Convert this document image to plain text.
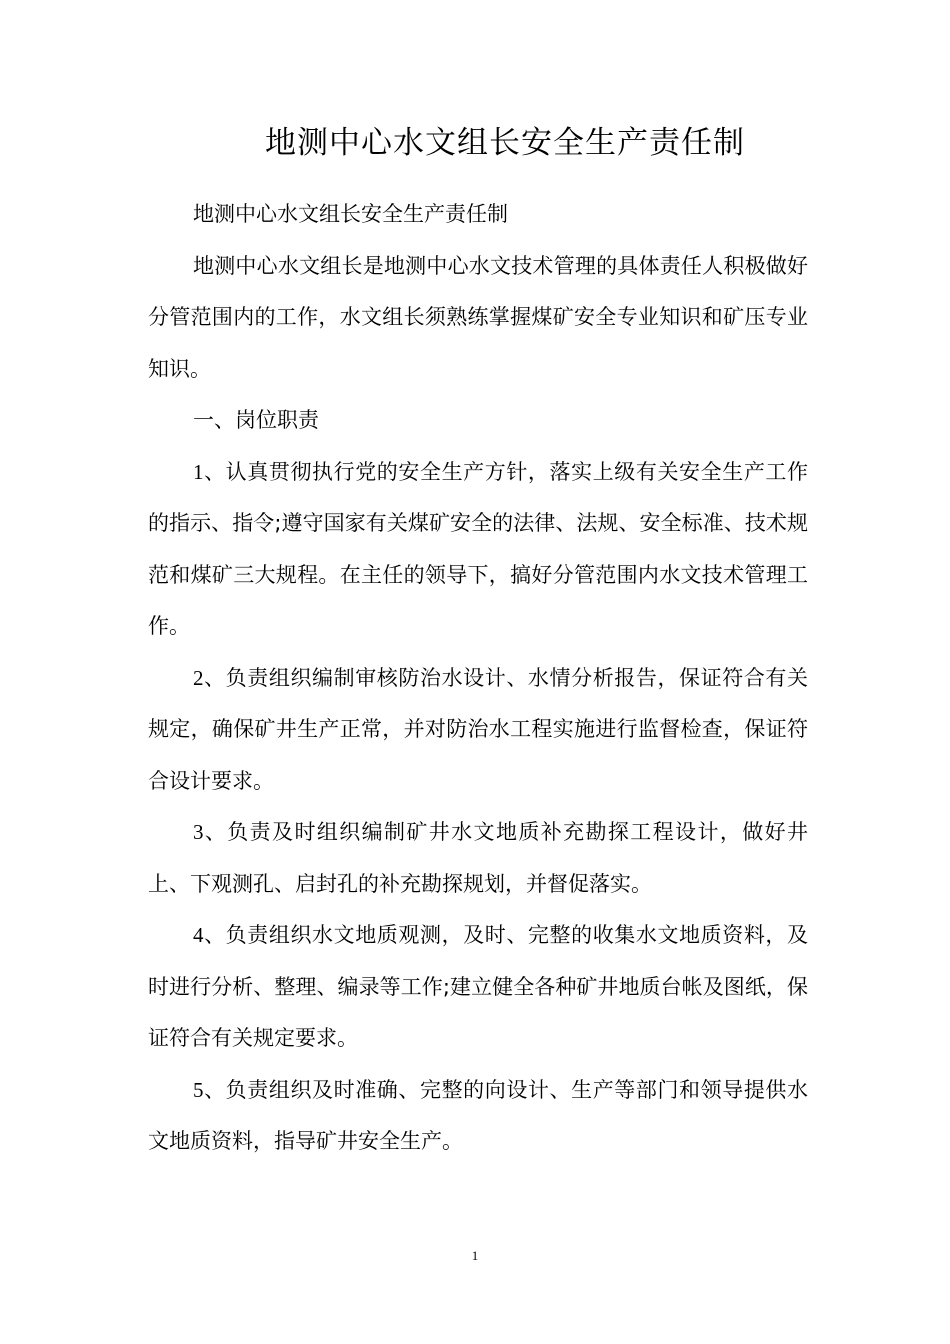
地测中心水文组长安全生产责任制

地测中心水文组长安全生产责任制

地测中心水文组长是地测中心水文技术管理的具体责任人积极做好分管范围内的工作，水文组长须熟练掌握煤矿安全专业知识和矿压专业知识。

一、岗位职责

1、认真贯彻执行党的安全生产方针，落实上级有关安全生产工作的指示、指令;遵守国家有关煤矿安全的法律、法规、安全标准、技术规范和煤矿三大规程。在主任的领导下，搞好分管范围内水文技术管理工作。

2、负责组织编制审核防治水设计、水情分析报告，保证符合有关规定，确保矿井生产正常，并对防治水工程实施进行监督检查，保证符合设计要求。

3、负责及时组织编制矿井水文地质补充勘探工程设计，做好井上、下观测孔、启封孔的补充勘探规划，并督促落实。

4、负责组织水文地质观测，及时、完整的收集水文地质资料，及时进行分析、整理、编录等工作;建立健全各种矿井地质台帐及图纸，保证符合有关规定要求。

5、负责组织及时准确、完整的向设计、生产等部门和领导提供水文地质资料，指导矿井安全生产。

1
